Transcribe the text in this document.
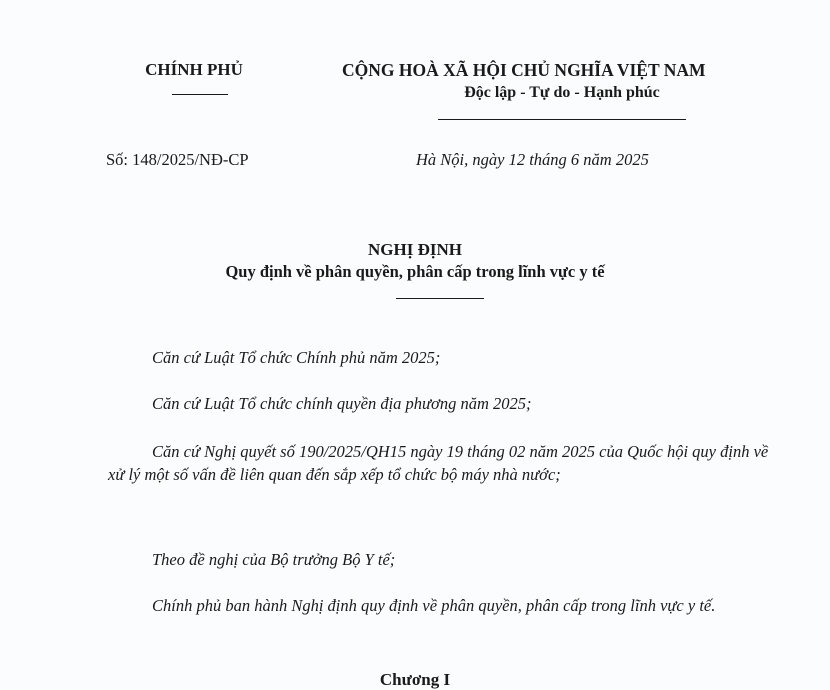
CHÍNH PHỦ	CỘNG HOÀ XÃ HỘI CHỦ NGHĨA VIỆT NAM
Độc lập - Tự do - Hạnh phúc
Số: 148/2025/NĐ-CP	Hà Nội, ngày 12 tháng 6 năm 2025
NGHỊ ĐỊNH
Quy định về phân quyền, phân cấp trong lĩnh vực y tế
Căn cứ Luật Tổ chức Chính phủ năm 2025;
Căn cứ Luật Tổ chức chính quyền địa phương năm 2025;
Căn cứ Nghị quyết số 190/2025/QH15 ngày 19 tháng 02 năm 2025 của Quốc hội quy định về xử lý một số vấn đề liên quan đến sắp xếp tổ chức bộ máy nhà nước;
Theo đề nghị của Bộ trưởng Bộ Y tế;
Chính phủ ban hành Nghị định quy định về phân quyền, phân cấp trong lĩnh vực y tế.
Chương I
